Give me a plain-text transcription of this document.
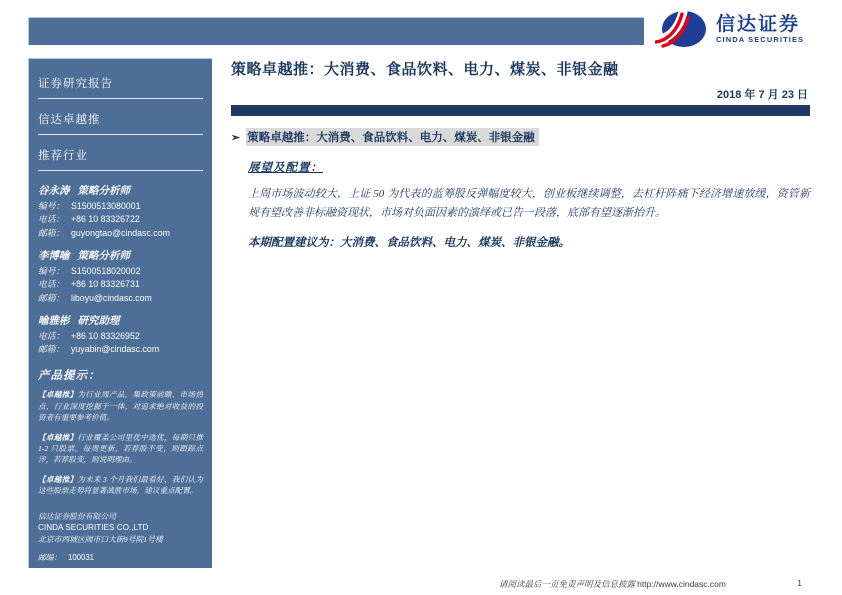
信达证券
CINDA SECURITIES
证券研究报告
信达卓越推
推荐行业
谷永涛 策略分析师
编号： S1500513080001
电话： +86 10 83326722
邮箱： guyongtao@cindasc.com
李博喻 策略分析师
编号： S1500518020002
电话： +86 10 83326731
邮箱： liboyu@cindasc.com
喻雅彬 研究助理
电话： +86 10 83326952
邮箱： yuyabin@cindasc.com
产品提示：
【卓越推】为行业周产品，集政策前瞻、市场热点、行业深度挖掘于一体，对追求绝对收益的投资者有重要参考价值。
【卓越推】行业覆盖公司里优中选优，每期只推 1-2 只股票，每周更新，若荐股不变，则跟踪点评，若荐股变，则说明理由。
【卓越推】为未来 3 个月我们最看好，我们认为这些股票走势将显著战胜市场，建议重点配置。
信达证券股份有限公司
CINDA SECURITIES CO.,LTD
北京市西城区闹市口大街9号院1号楼
邮编： 100031
策略卓越推：大消费、食品饮料、电力、煤炭、非银金融
2018 年 7 月 23 日
➢ 策略卓越推：大消费、食品饮料、电力、煤炭、非银金融
展望及配置：
上周市场波动较大，上证 50 为代表的蓝筹股反弹幅度较大，创业板继续调整，去杠杆阵痛下经济增速放缓，资管新规有望改善非标融资现状，市场对负面因素的演绎或已告一段落，底部有望逐渐抬升。
本期配置建议为：大消费、食品饮料、电力、煤炭、非银金融。
请阅读最后一页免责声明及信息披露 http://www.cindasc.com	1
